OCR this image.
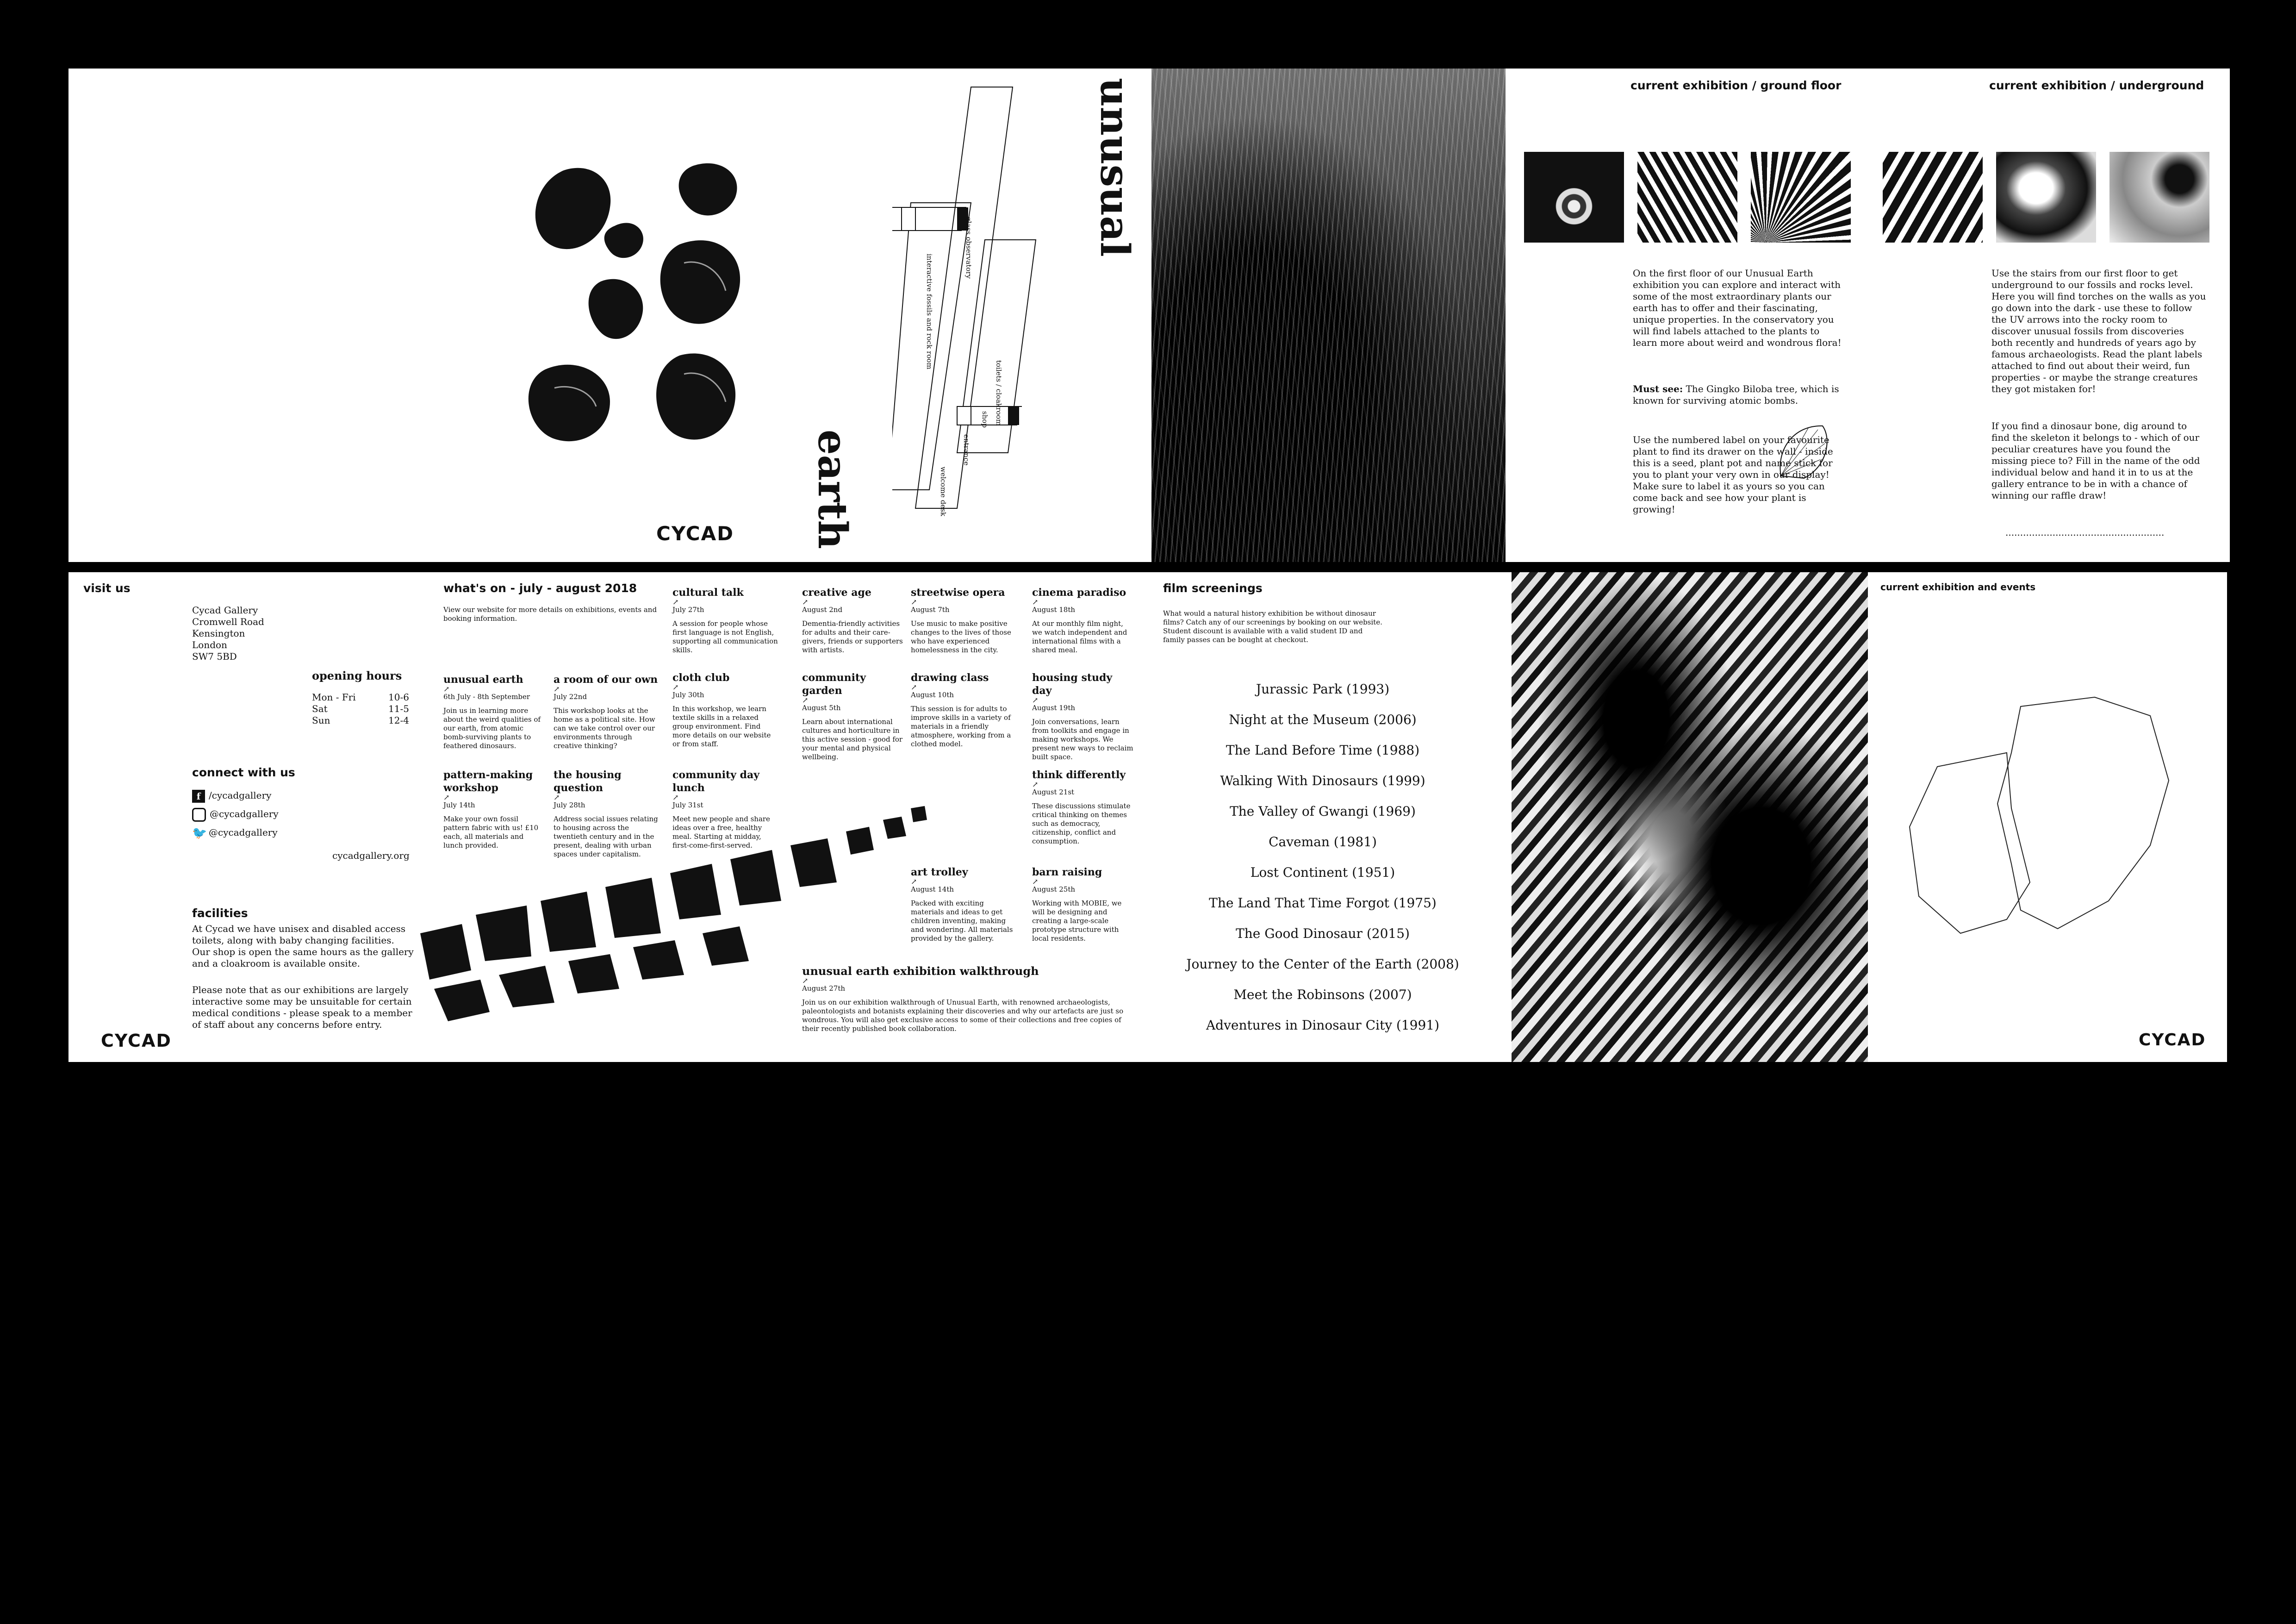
glass observatory
interactive fossils and rock room
toilets / cloakroom
shop
entrance
welcome desk
unusual
earth
CYCAD
current exhibition / ground floor
On the first floor of our Unusual Earth exhibition you can explore and interact with some of the most extraordinary plants our earth has to offer and their fascinating, unique properties. In the conservatory you will find labels attached to the plants to learn more about weird and wondrous flora!
Must see: The Gingko Biloba tree, which is known for surviving atomic bombs.
Use the numbered label on your favourite plant to find its drawer on the wall - inside this is a seed, plant pot and name stick for you to plant your very own in our display! Make sure to label it as yours so you can come back and see how your plant is growing!
current exhibition / underground
Use the stairs from our first floor to get underground to our fossils and rocks level. Here you will find torches on the walls as you go down into the dark - use these to follow the UV arrows into the rocky room to discover unusual fossils from discoveries both recently and hundreds of years ago by famous archaeologists. Read the plant labels attached to find out about their weird, fun properties - or maybe the strange creatures they got mistaken for!
If you find a dinosaur bone, dig around to find the skeleton it belongs to - which of our peculiar creatures have you found the missing piece to? Fill in the name of the odd individual below and hand it in to us at the gallery entrance to be in with a chance of winning our raffle draw!
......................................................
visit us
Cycad Gallery
Cromwell Road
Kensington
London
SW7 5BD
opening hours
Mon - Fri	10-6
Sat	11-5
Sun	12-4
connect with us
f /cycadgallery
@cycadgallery
🐦 @cycadgallery
cycadgallery.org
facilities
At Cycad we have unisex and disabled access toilets, along with baby changing facilities. Our shop is open the same hours as the gallery and a cloakroom is available onsite.
Please note that as our exhibitions are largely interactive some may be unsuitable for certain medical conditions - please speak to a member of staff about any concerns before entry.
CYCAD
what's on - july - august 2018
View our website for more details on exhibitions, events and booking information.
unusual earth
↗
6th July - 8th September
Join us in learning more about the weird qualities of our earth, from atomic bomb-surviving plants to feathered dinosaurs.
pattern-making workshop
↗
July 14th
Make your own fossil pattern fabric with us! £10 each, all materials and lunch provided.
a room of our own
↗
July 22nd
This workshop looks at the home as a political site. How can we take control over our environments through creative thinking?
the housing question
↗
July 28th
Address social issues relating to housing across the twentieth century and in the present, dealing with urban spaces under capitalism.
cultural talk
↗
July 27th
A session for people whose first language is not English, supporting all communication skills.
cloth club
↗
July 30th
In this workshop, we learn textile skills in a relaxed group environment. Find more details on our website or from staff.
community day lunch
↗
July 31st
Meet new people and share ideas over a free, healthy meal. Starting at midday, first-come-first-served.
creative age
↗
August 2nd
Dementia-friendly activities for adults and their care-givers, friends or supporters with artists.
community garden
↗
August 5th
Learn about international cultures and horticulture in this active session - good for your mental and physical wellbeing.
streetwise opera
↗
August 7th
Use music to make positive changes to the lives of those who have experienced homelessness in the city.
drawing class
↗
August 10th
This session is for adults to improve skills in a variety of materials in a friendly atmosphere, working from a clothed model.
art trolley
↗
August 14th
Packed with exciting materials and ideas to get children inventing, making and wondering. All materials provided by the gallery.
cinema paradiso
↗
August 18th
At our monthly film night, we watch independent and international films with a shared meal.
housing study day
↗
August 19th
Join conversations, learn from toolkits and engage in making workshops. We present new ways to reclaim built space.
think differently
↗
August 21st
These discussions stimulate critical thinking on themes such as democracy, citizenship, conflict and consumption.
barn raising
↗
August 25th
Working with MOBIE, we will be designing and creating a large-scale prototype structure with local residents.
unusual earth exhibition walkthrough
↗
August 27th
Join us on our exhibition walkthrough of Unusual Earth, with renowned archaeologists, paleontologists and botanists explaining their discoveries and why our artefacts are just so wondrous. You will also get exclusive access to some of their collections and free copies of their recently published book collaboration.
film screenings
What would a natural history exhibition be without dinosaur films? Catch any of our screenings by booking on our website. Student discount is available with a valid student ID and family passes can be bought at checkout.
Jurassic Park (1993)
Night at the Museum (2006)
The Land Before Time (1988)
Walking With Dinosaurs (1999)
The Valley of Gwangi (1969)
Caveman (1981)
Lost Continent (1951)
The Land That Time Forgot (1975)
The Good Dinosaur (2015)
Journey to the Center of the Earth (2008)
Meet the Robinsons (2007)
Adventures in Dinosaur City (1991)
current exhibition and events
CYCAD
